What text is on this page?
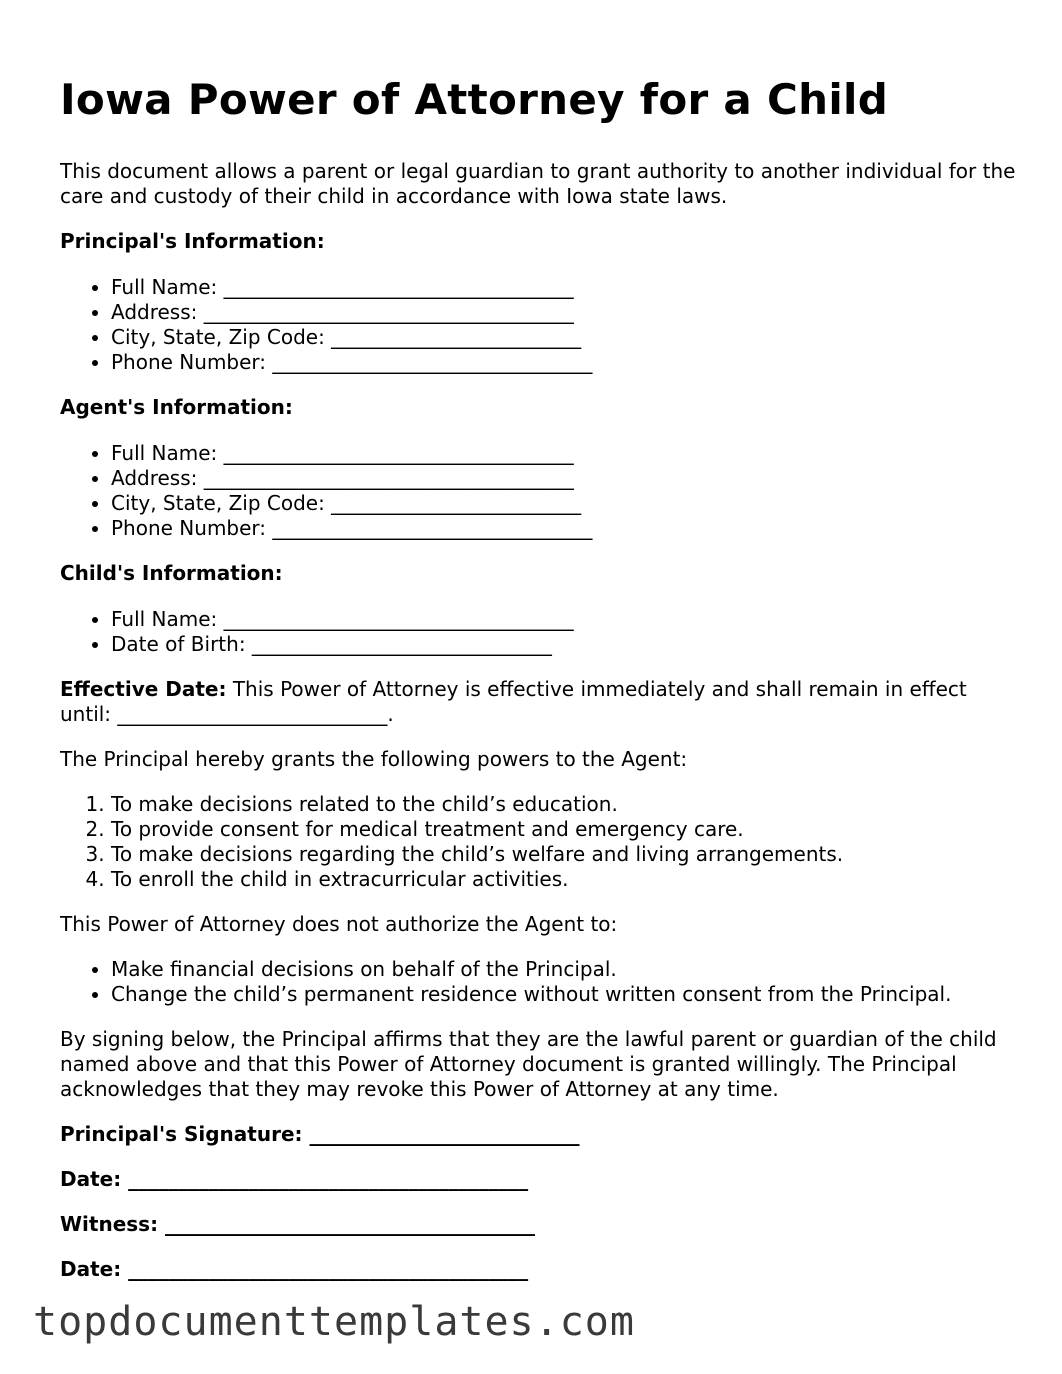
Iowa Power of Attorney for a Child

This document allows a parent or legal guardian to grant authority to another individual for the care and custody of their child in accordance with Iowa state laws.

Principal's Information:
• Full Name: ___________________________________
• Address: _____________________________________
• City, State, Zip Code: _________________________
• Phone Number: ________________________________
Agent's Information:
• Full Name: ___________________________________
• Address: _____________________________________
• City, State, Zip Code: _________________________
• Phone Number: ________________________________
Child's Information:
• Full Name: ___________________________________
• Date of Birth: ______________________________

Effective Date: This Power of Attorney is effective immediately and shall remain in effect until: ___________________________.

The Principal hereby grants the following powers to the Agent:

1. To make decisions related to the child’s education.
2. To provide consent for medical treatment and emergency care.
3. To make decisions regarding the child’s welfare and living arrangements.
4. To enroll the child in extracurricular activities.

This Power of Attorney does not authorize the Agent to:

• Make financial decisions on behalf of the Principal.
• Change the child’s permanent residence without written consent from the Principal.

By signing below, the Principal affirms that they are the lawful parent or guardian of the child named above and that this Power of Attorney document is granted willingly. The Principal acknowledges that they may revoke this Power of Attorney at any time.

Principal's Signature: ___________________________
Date: ________________________________________
Witness: _____________________________________
Date: ________________________________________
topdocumenttemplates.com
